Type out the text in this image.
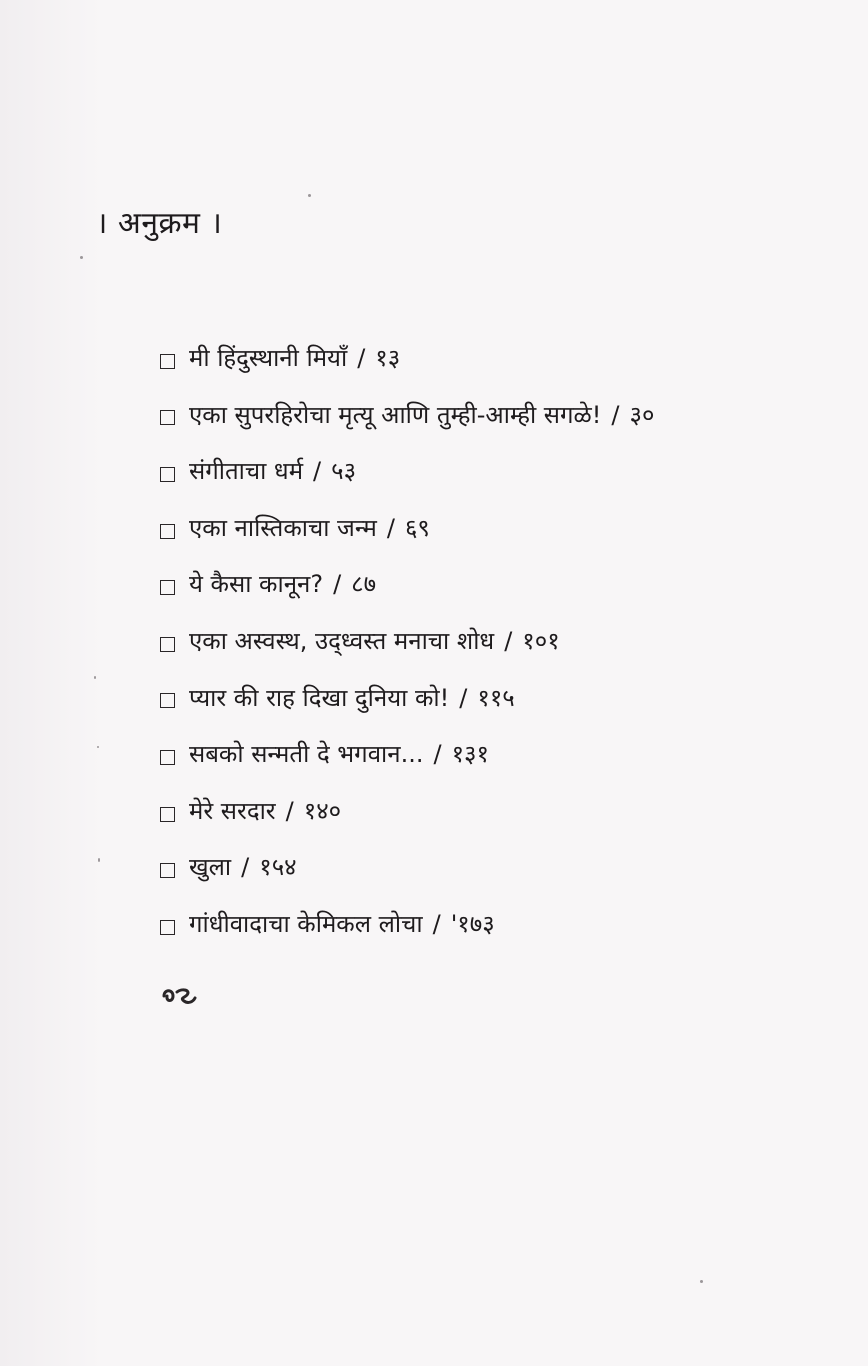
। अनुक्रम ।
मी हिंदुस्थानी मियाँ / १३
एका सुपरहिरोचा मृत्यू आणि तुम्ही-आम्ही सगळे! / ३०
संगीताचा धर्म / ५३
एका नास्तिकाचा जन्म / ६९
ये कैसा कानून? / ८७
एका अस्वस्थ, उद्‌ध्वस्त मनाचा शोध / १०१
प्यार की राह दिखा दुनिया को! / ११५
सबको सन्मती दे भगवान... / १३१
मेरे सरदार / १४०
खुला / १५४
गांधीवादाचा केमिकल लोचा / '१७३
